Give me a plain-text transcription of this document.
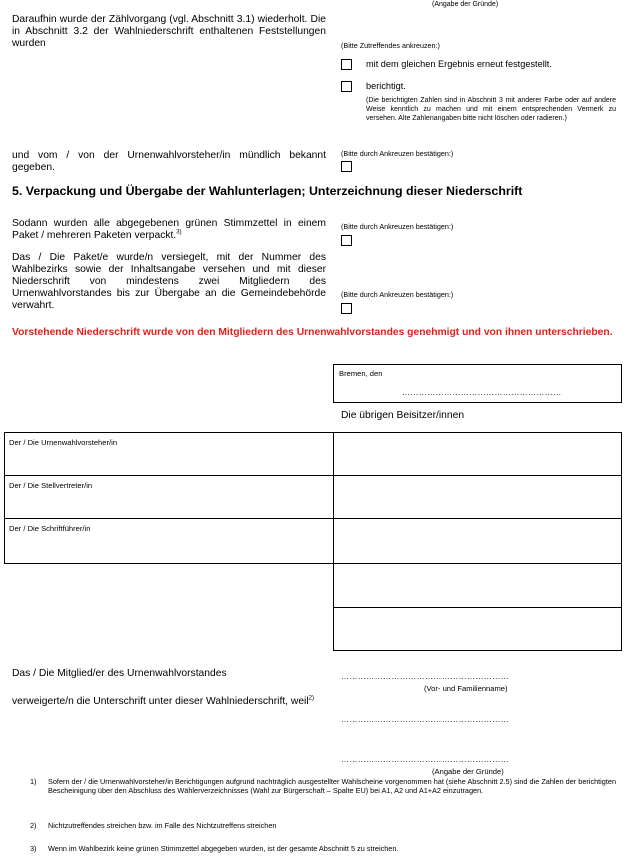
(Angabe der Gründe)
Daraufhin wurde der Zählvorgang (vgl. Abschnitt 3.1) wiederholt. Die in Abschnitt 3.2 der Wahlniederschrift enthaltenen Feststellungen wurden	(Bitte Zutreffendes ankreuzen:)
mit dem gleichen Ergebnis erneut festgestellt.
berichtigt.
(Die berichtigten Zahlen sind in Abschnitt 3 mit anderer Farbe oder auf andere Weise kenntlich zu machen und mit einem entsprechenden Vermerk zu versehen. Alte Zahlenangaben bitte nicht löschen oder radieren.)
und vom / von der Urnenwahlvorsteher/in mündlich bekannt gegeben.
(Bitte durch Ankreuzen bestätigen:)
5. Verpackung und Übergabe der Wahlunterlagen; Unterzeichnung dieser Niederschrift
Sodann wurden alle abgegebenen grünen Stimmzettel in einem Paket / mehreren Paketen verpackt.$^{3)}$
(Bitte durch Ankreuzen bestätigen:)
Das / Die Paket/e wurde/n versiegelt, mit der Nummer des Wahlbezirks sowie der Inhaltsangabe versehen und mit dieser Niederschrift von mindestens zwei Mitgliedern des Urnenwahlvorstandes bis zur Übergabe an die Gemeindebehörde verwahrt.
(Bitte durch Ankreuzen bestätigen:)
Vorstehende Niederschrift wurde von den Mitgliedern des Urnenwahlvorstandes genehmigt und von ihnen unterschrieben.
Bremen, den
…………………………………………………
Die übrigen Beisitzer/innen
Der / Die Urnenwahlvorsteher/in
Der / Die Stellvertreter/in
Der / Die Schriftführer/in
Das / Die Mitglied/er des Urnenwahlvorstandes	……………………………………………………
(Vor- und Familienname)
verweigerte/n die Unterschrift unter dieser Wahlniederschrift, weil$^{2)}$
……………………………………………………
……………………………………………………
(Angabe der Gründe)
1) Sofern der / die Urnenwahlvorsteher/in Berichtigungen aufgrund nachträglich ausgestellter Wahlscheine vorgenommen hat (siehe Abschnitt 2.5) sind die Zahlen der berichtigten Bescheinigung über den Abschluss des Wählerverzeichnisses (Wahl zur Bürgerschaft – Spalte EU) bei A1, A2 und A1+A2 einzutragen.
2) Nichtzutreffendes streichen bzw. im Falle des Nichtzutreffens streichen
3) Wenn im Wahlbezirk keine grünen Stimmzettel abgegeben wurden, ist der gesamte Abschnitt 5 zu streichen.
